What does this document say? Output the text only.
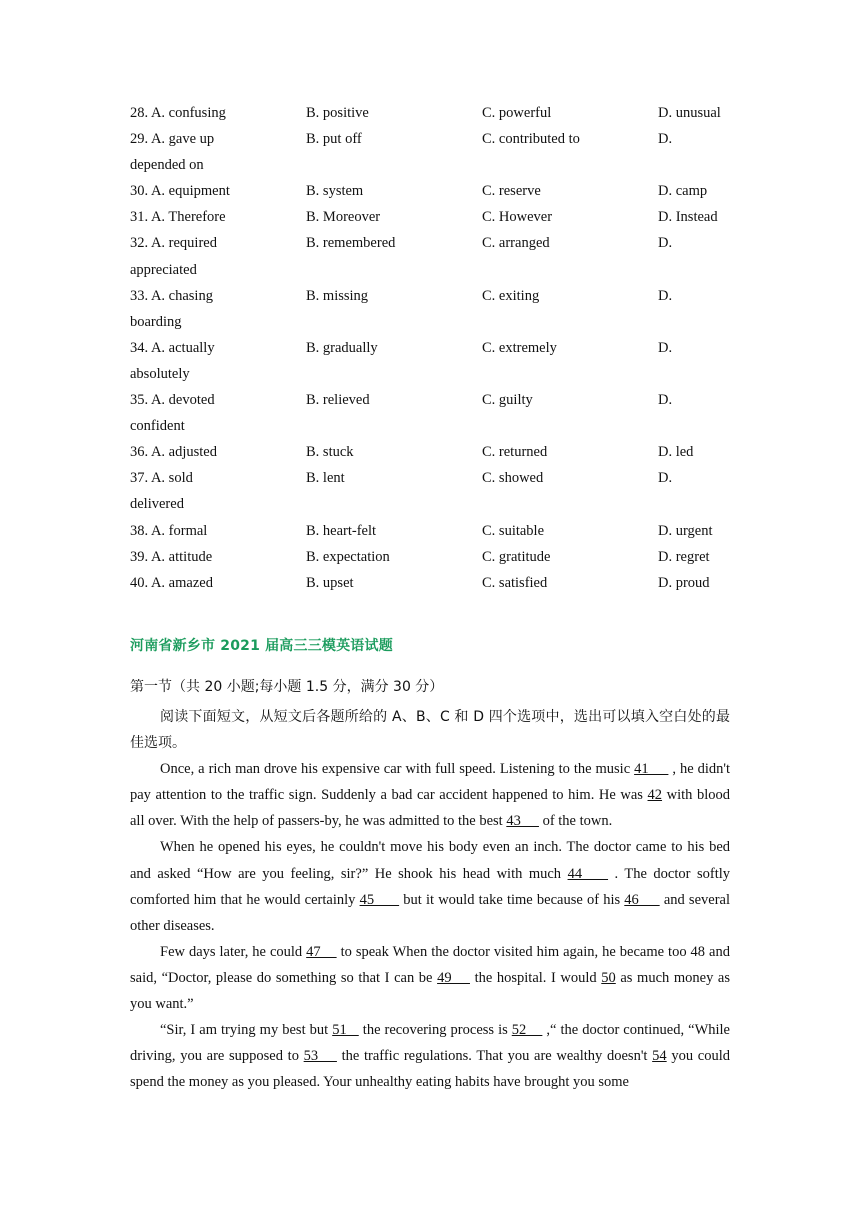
28. A. confusing	B. positive	C. powerful	D. unusual
29. A. gave up	B. put off	C. contributed to	D.
depended on
30. A. equipment	B. system	C. reserve	D. camp
31. A. Therefore	B. Moreover	C. However	D. Instead
32. A. required	B. remembered	C. arranged	D.
appreciated
33. A. chasing	B. missing	C. exiting	D.
boarding
34. A. actually	B. gradually	C. extremely	D.
absolutely
35. A. devoted	B. relieved	C. guilty	D.
confident
36. A. adjusted	B. stuck	C. returned	D. led
37. A. sold	B. lent	C. showed	D.
delivered
38. A. formal	B. heart-felt	C. suitable	D. urgent
39. A. attitude	B. expectation	C. gratitude	D. regret
40. A. amazed	B. upset	C. satisfied	D. proud
河南省新乡市 2021 届高三三模英语试题
第一节（共 20 小题;每小题 1.5 分，满分 30 分）

阅读下面短文，从短文后各题所给的 A、B、C 和 D 四个选项中，选出可以填入空白处的最 佳选项。

Once, a rich man drove his expensive car with full speed. Listening to the music 41      , he didn't pay attention to the traffic sign. Suddenly a bad car accident happened to him. He was 42 with blood all over. With the help of passers-by, he was admitted to the best 43      of the town.

When he opened his eyes, he couldn't move his body even an inch. The doctor came to his bed and asked “How are you feeling, sir?” He shook his head with much 44     . The doctor softly comforted him that he would certainly 45       but it would take time because of his 46      and several other diseases.

Few days later, he could 47     to speak When the doctor visited him again, he became too 48 and said, “Doctor, please do something so that I can be 49     the hospital. I would 50 as much money as you want.”

“Sir, I am trying my best but 51    the recovering process is 52     ,“ the doctor continued, “While driving, you are supposed to 53     the traffic regulations. That you are wealthy doesn't 54 you could spend the money as you pleased. Your unhealthy eating habits have brought you some
